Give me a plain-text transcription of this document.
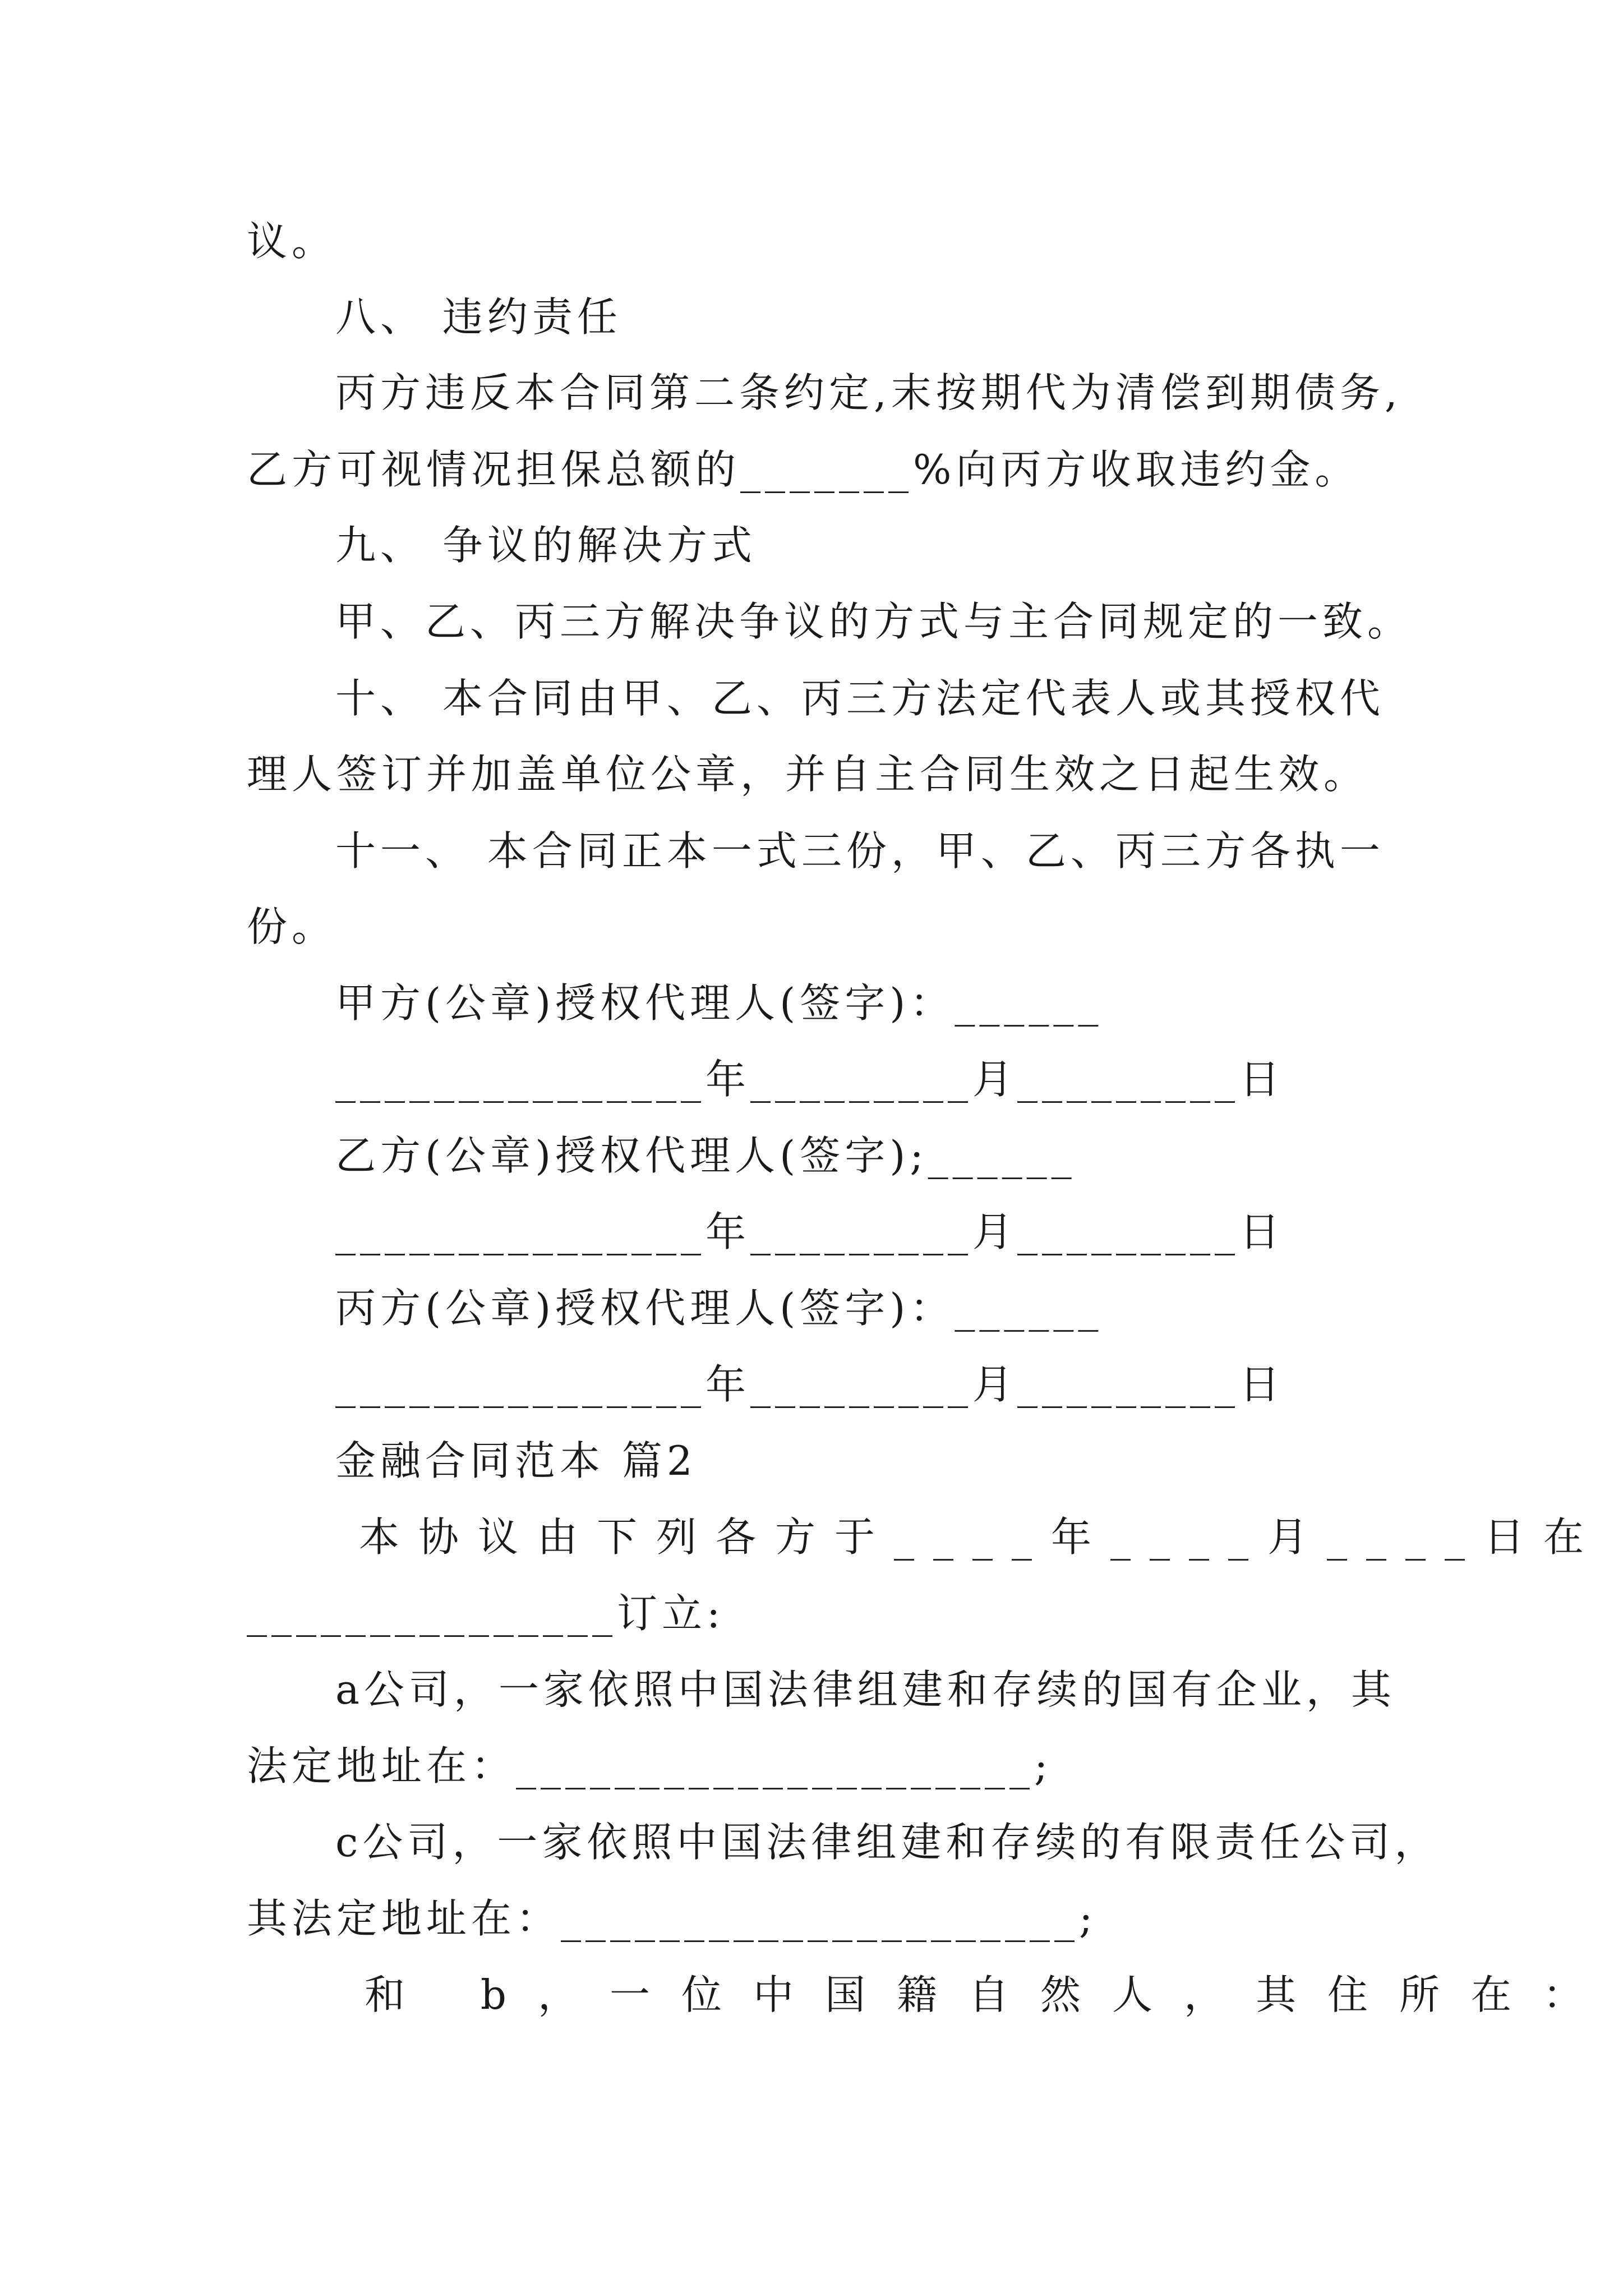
议。
八、 违约责任
丙方违反本合同第二条约定,末按期代为清偿到期债务,
乙方可视情况担保总额的_______%向丙方收取违约金。
九、 争议的解决方式
甲、乙、丙三方解决争议的方式与主合同规定的一致。
十、 本合同由甲、乙、丙三方法定代表人或其授权代
理人签订并加盖单位公章，并自主合同生效之日起生效。
十一、 本合同正本一式三份，甲、乙、丙三方各执一
份。
甲方(公章)授权代理人(签字)：______
_______________年_________月_________日
乙方(公章)授权代理人(签字);______
_______________年_________月_________日
丙方(公章)授权代理人(签字)：______
_______________年_________月_________日
金融合同范本 篇2
本协议由下列各方于____年____月____日在
_______________订立:
a公司，一家依照中国法律组建和存续的国有企业，其
法定地址在：_____________________;
c公司，一家依照中国法律组建和存续的有限责任公司，
其法定地址在：_____________________;
和 b，一位中国籍自然人，其住所在：
